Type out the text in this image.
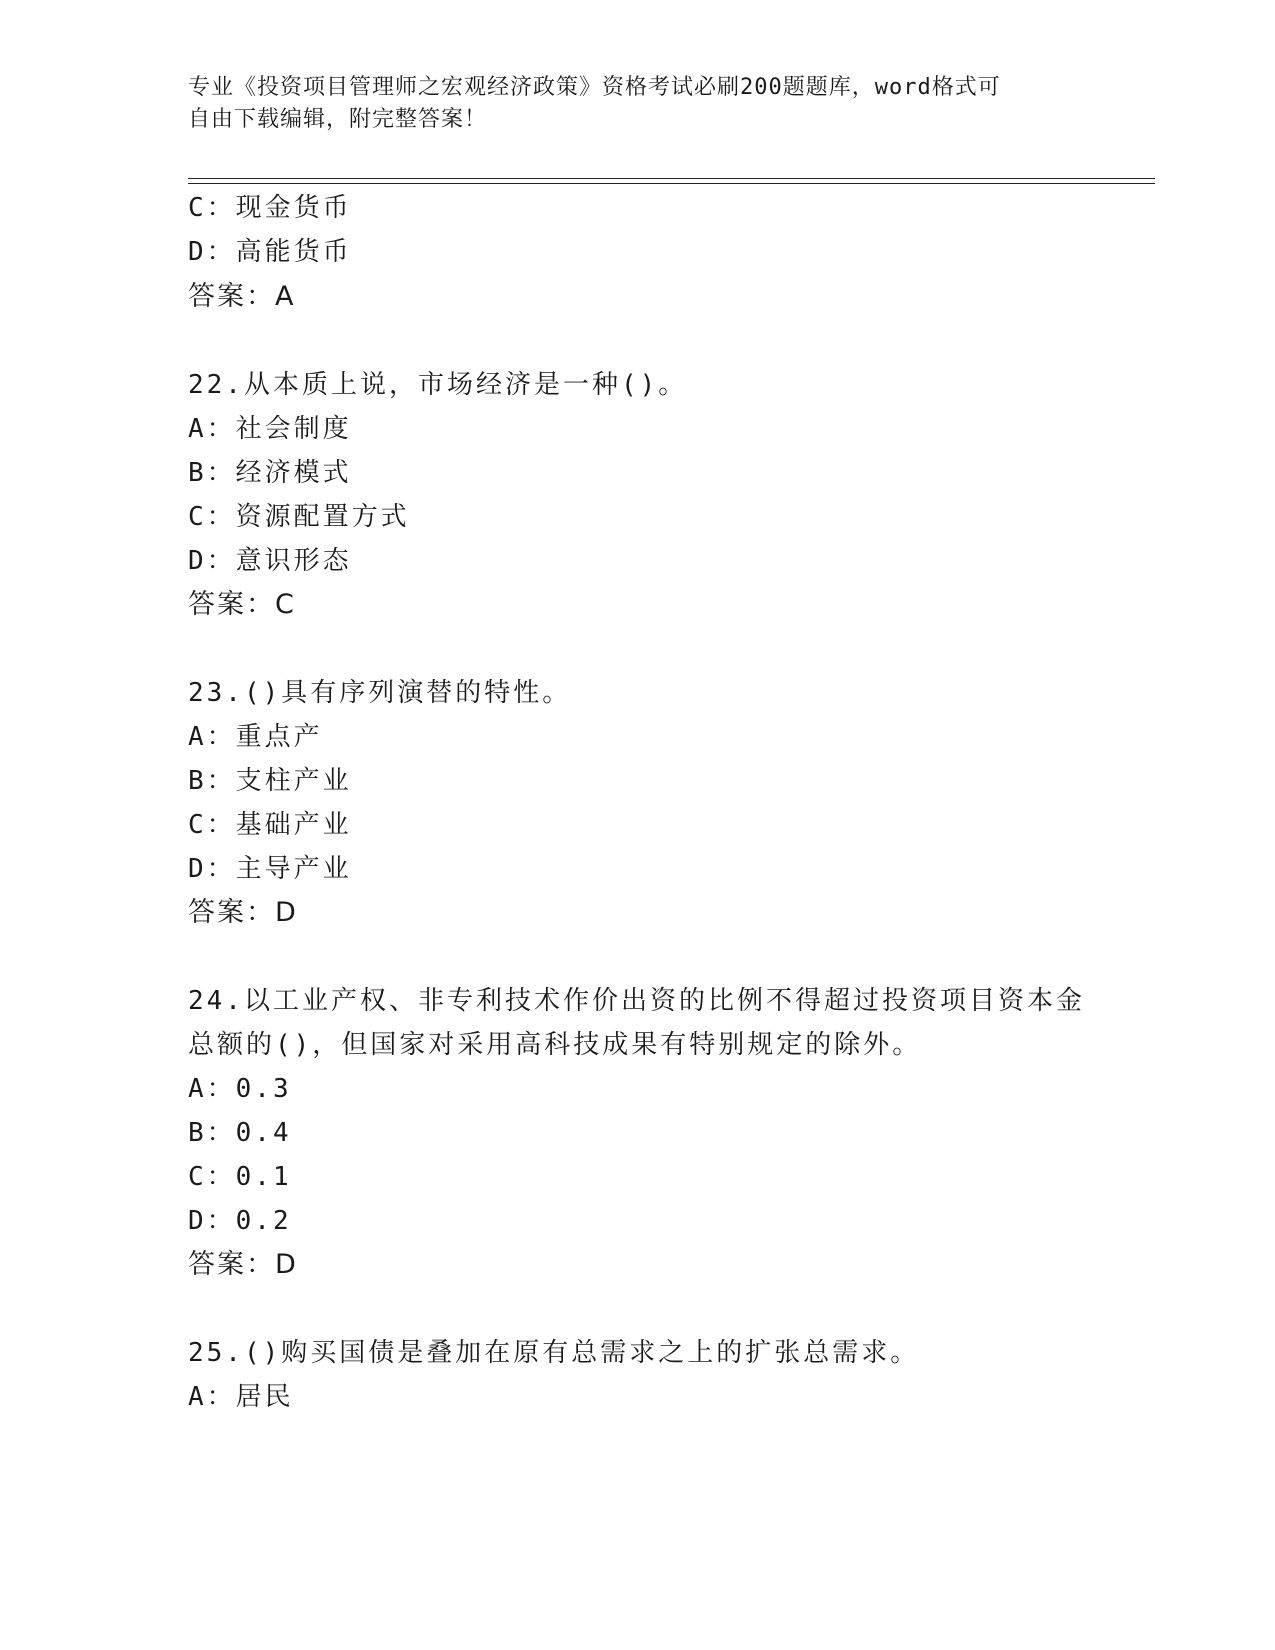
专业《投资项目管理师之宏观经济政策》资格考试必刷200题题库，word格式可
自由下载编辑，附完整答案！
C：现金货币
D：高能货币
答案：A
22.从本质上说，市场经济是一种()。
A：社会制度
B：经济模式
C：资源配置方式
D：意识形态
答案：C
23.()具有序列演替的特性。
A：重点产
B：支柱产业
C：基础产业
D：主导产业
答案：D
24.以工业产权、非专利技术作价出资的比例不得超过投资项目资本金
总额的()，但国家对采用高科技成果有特别规定的除外。
A：0.3
B：0.4
C：0.1
D：0.2
答案：D
25.()购买国债是叠加在原有总需求之上的扩张总需求。
A：居民
